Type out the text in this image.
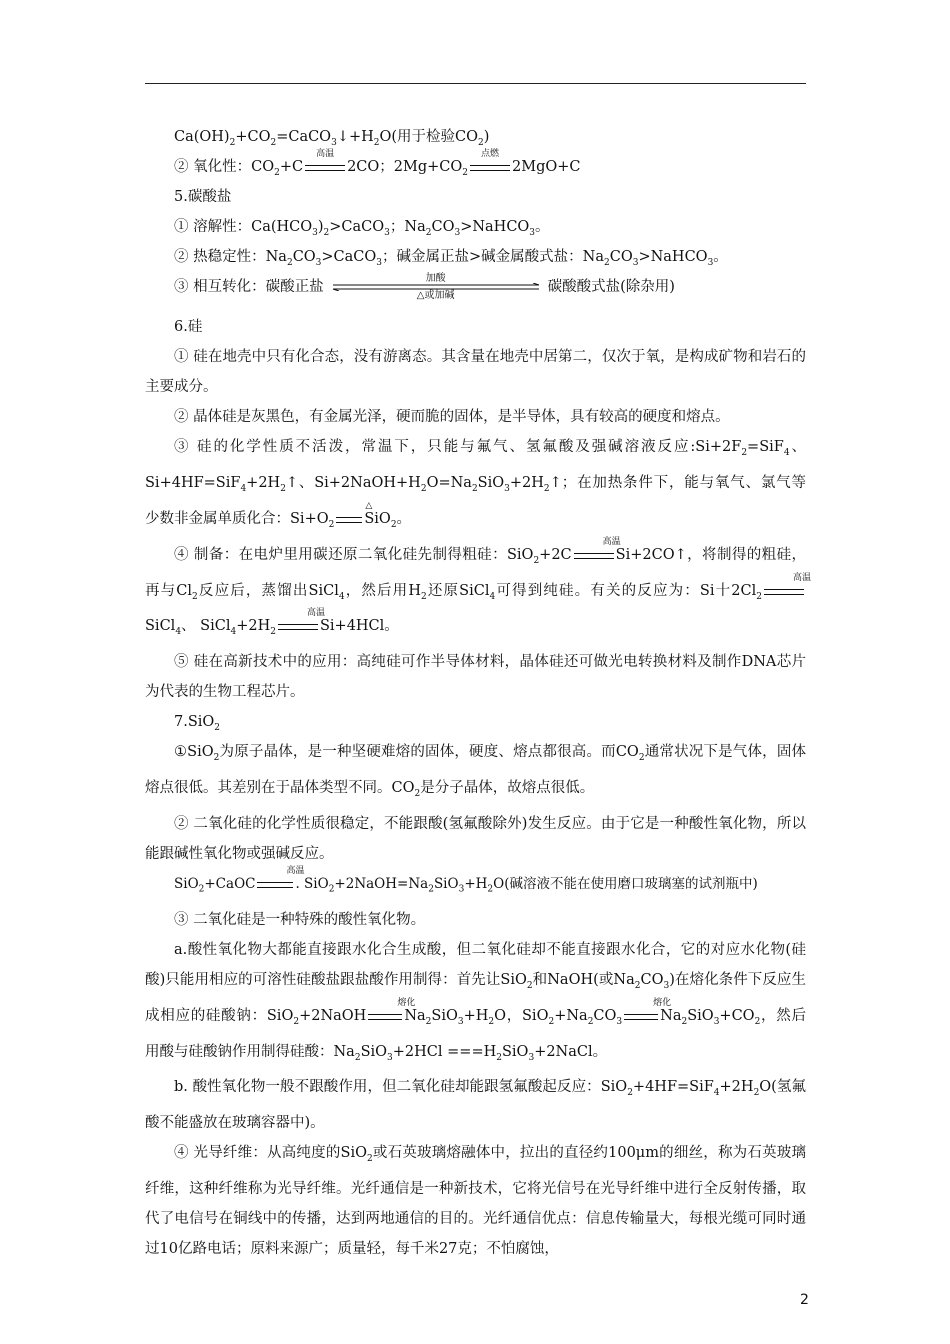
$Ca(OH)_2+CO_2=CaCO_3↓+H_2O$(用于检验$CO_2$)
② 氧化性：$CO_2+C$
高温
2CO；$2Mg+CO_2$
点燃
2MgO+C
5.碳酸盐
① 溶解性：$Ca(HCO_3)_2>CaCO_3$；$Na_2CO_3>NaHCO_3$。
② 热稳定性：$Na_2CO_3>CaCO_3$；碱金属正盐>碱金属酸式盐：$Na_2CO_3>NaHCO_3$。
③ 相互转化：碳酸正盐
加酸
△或加碱
碳酸酸式盐(除杂用)
6.硅
① 硅在地壳中只有化合态，没有游离态。其含量在地壳中居第二，仅次于氧，是构成矿物和岩石的主要成分。
② 晶体硅是灰黑色，有金属光泽，硬而脆的固体，是半导体，具有较高的硬度和熔点。
③ 硅的化学性质不活泼，常温下，只能与氟气、氢氟酸及强碱溶液反应$:Si+2F_2=SiF_4$、$Si+4HF=SiF_4+2H_2↑$、$Si+2NaOH+H_2O=Na_2SiO_3+2H_2↑$；在加热条件下，能与氧气、氯气等少数非金属单质化合：$Si+O_2$
△
SiO$_2$。
④ 制备：在电炉里用碳还原二氧化硅先制得粗硅：SiO$_2$+2C
高温
Si+2CO↑，将制得的粗硅，再与$Cl_2$反应后，蒸馏出SiCl$_4$，然后用$H_2$还原SiCl$_4$可得到纯硅。有关的反应为：Si十$2Cl_2$
高温
SiCl$_4$、 $SiCl_4+2H_2$
高温
Si+4HCl。
⑤ 硅在高新技术中的应用：高纯硅可作半导体材料，晶体硅还可做光电转换材料及制作DNA芯片为代表的生物工程芯片。
7.SiO$_2$
①SiO$_2$为原子晶体，是一种坚硬难熔的固体，硬度、熔点都很高。而$CO_2$通常状况下是气体，固体熔点很低。其差别在于晶体类型不同。$CO_2$是分子晶体，故熔点很低。
② 二氧化硅的化学性质很稳定，不能跟酸(氢氟酸除外)发生反应。由于它是一种酸性氧化物，所以能跟碱性氧化物或强碱反应。
SiO$_2$+CaOC
高温
. $SiO_2+2NaOH=Na_2SiO_3+H_2O$(碱溶液不能在使用磨口玻璃塞的试剂瓶中)
③ 二氧化硅是一种特殊的酸性氧化物。
a.酸性氧化物大都能直接跟水化合生成酸，但二氧化硅却不能直接跟水化合，它的对应水化物(硅酸)只能用相应的可溶性硅酸盐跟盐酸作用制得：首先让SiO$_2$和NaOH(或$Na_2CO_3$)在熔化条件下反应生成相应的硅酸钠：SiO$_2$+2NaOH
熔化
$Na_2SiO_3+H_2O$，$SiO_2+Na_2CO_3$
熔化
$Na_2SiO_3+CO_2$，然后用酸与硅酸钠作用制得硅酸：$Na_2SiO_3+2HCl$ $===H_2SiO_3+2NaCl$。
b. 酸性氧化物一般不跟酸作用，但二氧化硅却能跟氢氟酸起反应：$SiO_2+4HF=SiF_4+2H_2O$(氢氟酸不能盛放在玻璃容器中)。
④ 光导纤维：从高纯度的SiO$_2$或石英玻璃熔融体中，拉出的直径约100μm的细丝，称为石英玻璃纤维，这种纤维称为光导纤维。光纤通信是一种新技术，它将光信号在光导纤维中进行全反射传播，取代了电信号在铜线中的传播，达到两地通信的目的。光纤通信优点：信息传输量大，每根光缆可同时通过10亿路电话；原料来源广；质量轻，每千米27克；不怕腐蚀，
2
